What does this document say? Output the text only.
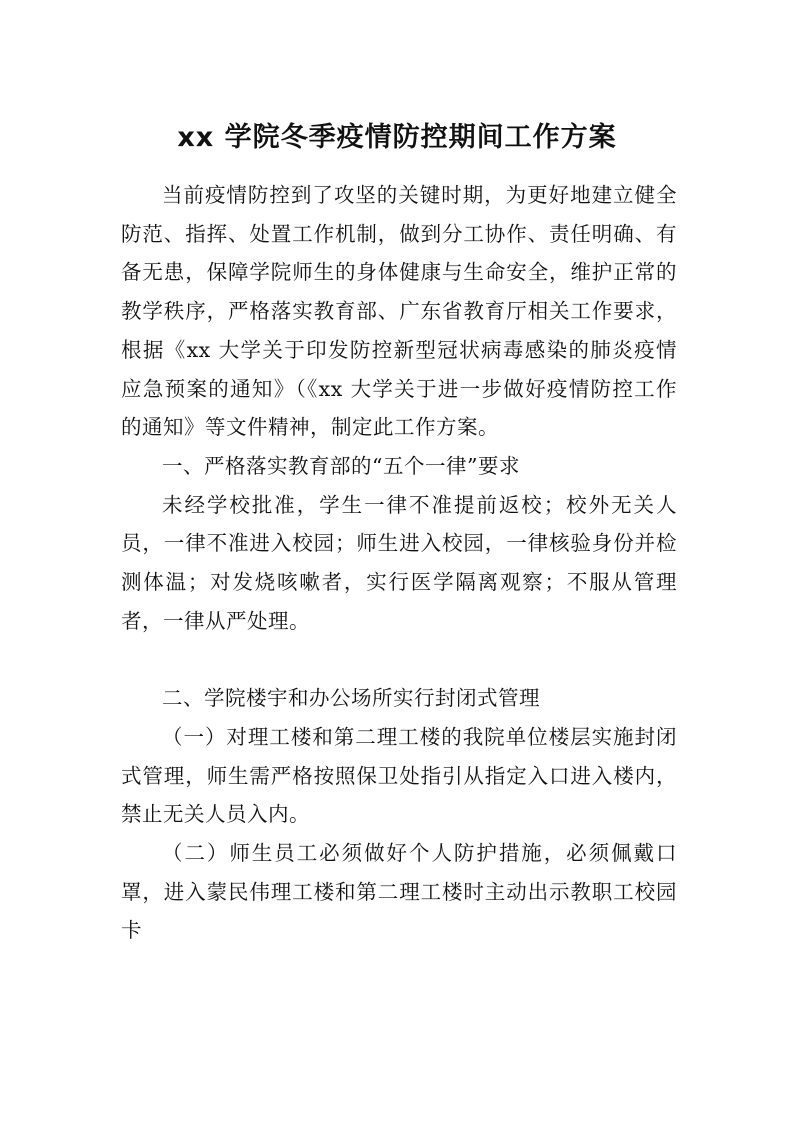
xx 学院冬季疫情防控期间工作方案

当前疫情防控到了攻坚的关键时期，为更好地建立健全防范、指挥、处置工作机制，做到分工协作、责任明确、有备无患，保障学院师生的身体健康与生命安全，维护正常的教学秩序，严格落实教育部、广东省教育厅相关工作要求，根据《xx 大学关于印发防控新型冠状病毒感染的肺炎疫情应急预案的通知》（《xx 大学关于进一步做好疫情防控工作的通知》等文件精神，制定此工作方案。

一、严格落实教育部的“五个一律”要求

未经学校批准，学生一律不准提前返校；校外无关人员，一律不准进入校园；师生进入校园，一律核验身份并检测体温；对发烧咳嗽者，实行医学隔离观察；不服从管理者，一律从严处理。

二、学院楼宇和办公场所实行封闭式管理

（一）对理工楼和第二理工楼的我院单位楼层实施封闭式管理，师生需严格按照保卫处指引从指定入口进入楼内，禁止无关人员入内。

（二）师生员工必须做好个人防护措施，必须佩戴口罩，进入蒙民伟理工楼和第二理工楼时主动出示教职工校园卡
